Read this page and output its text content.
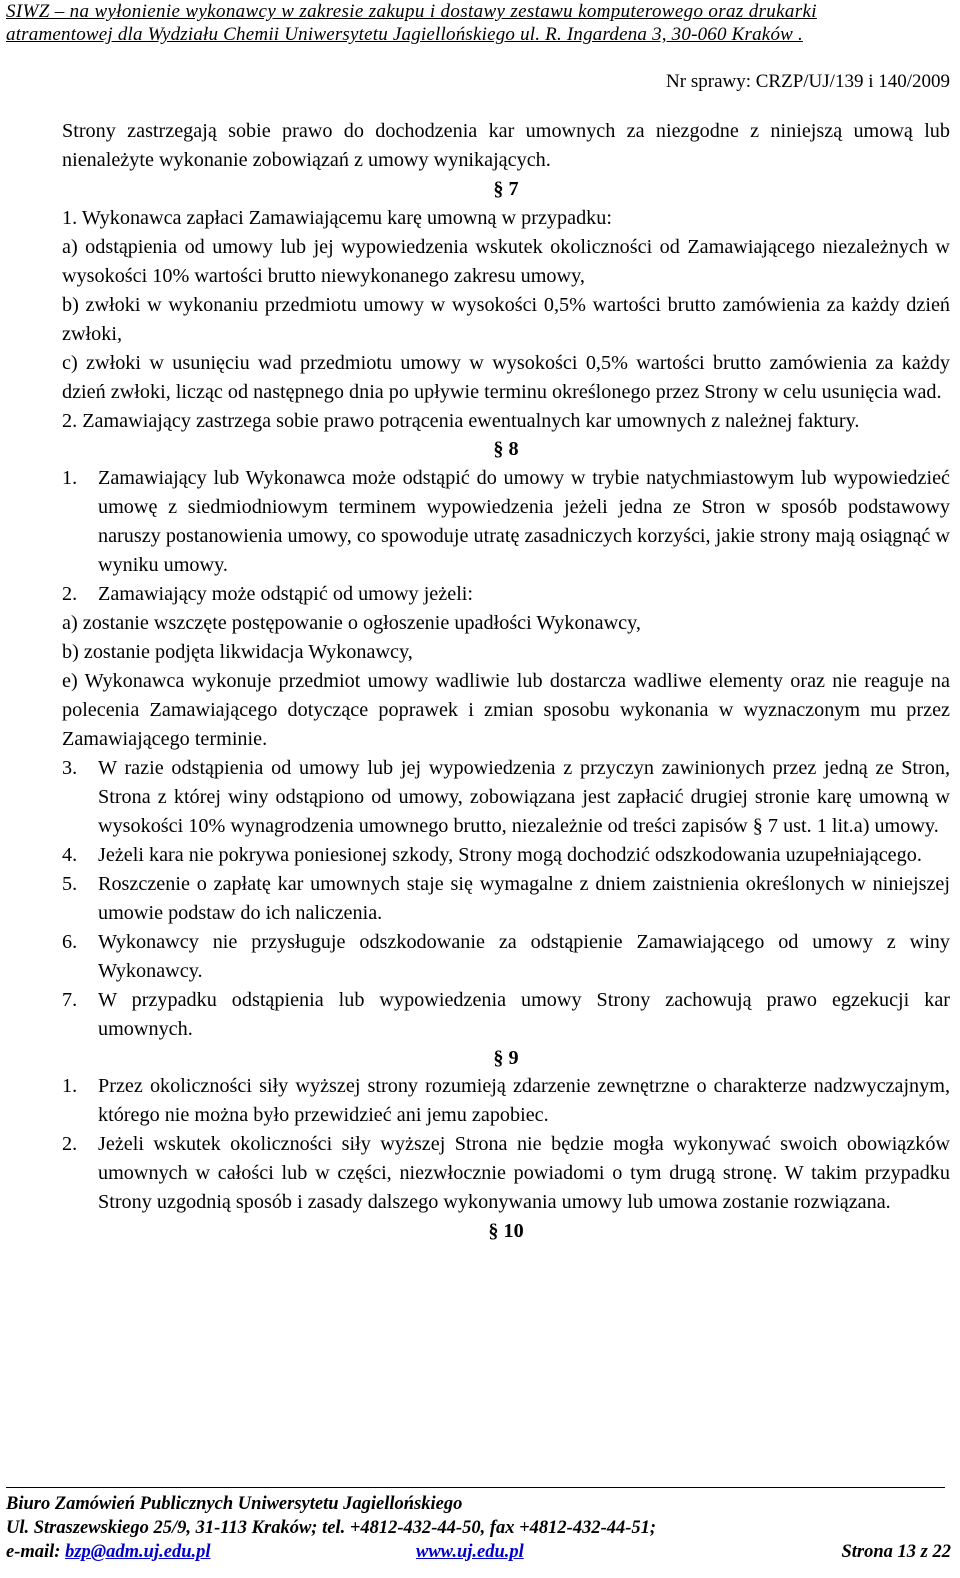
SIWZ – na wyłonienie wykonawcy w zakresie zakupu i dostawy zestawu komputerowego oraz drukarki
atramentowej dla Wydziału Chemii Uniwersytetu Jagiellońskiego ul. R. Ingardena 3, 30-060 Kraków .
Nr sprawy: CRZP/UJ/139 i 140/2009

Strony zastrzegają sobie prawo do dochodzenia kar umownych za niezgodne z niniejszą umową lub nienależyte wykonanie zobowiązań z umowy wynikających.

§ 7

1. Wykonawca zapłaci Zamawiającemu karę umowną w przypadku:

a) odstąpienia od umowy lub jej wypowiedzenia wskutek okoliczności od Zamawiającego niezależnych w wysokości 10% wartości brutto niewykonanego zakresu umowy,

b) zwłoki w wykonaniu przedmiotu umowy w wysokości 0,5% wartości brutto zamówienia za każdy dzień zwłoki,

c) zwłoki w usunięciu wad przedmiotu umowy w wysokości 0,5% wartości brutto zamówienia za każdy dzień zwłoki, licząc od następnego dnia po upływie terminu określonego przez Strony w celu usunięcia wad.

2. Zamawiający zastrzega sobie prawo potrącenia ewentualnych kar umownych z należnej faktury.

§ 8

1. Zamawiający lub Wykonawca może odstąpić do umowy w trybie natychmiastowym lub wypowiedzieć umowę z siedmiodniowym terminem wypowiedzenia jeżeli jedna ze Stron w sposób podstawowy naruszy postanowienia umowy, co spowoduje utratę zasadniczych korzyści, jakie strony mają osiągnąć w wyniku umowy.
2. Zamawiający może odstąpić od umowy jeżeli:

a) zostanie wszczęte postępowanie o ogłoszenie upadłości Wykonawcy,

b) zostanie podjęta likwidacja Wykonawcy,

e) Wykonawca wykonuje przedmiot umowy wadliwie lub dostarcza wadliwe elementy oraz nie reaguje na polecenia Zamawiającego dotyczące poprawek i zmian sposobu wykonania w wyznaczonym mu przez Zamawiającego terminie.

3. W razie odstąpienia od umowy lub jej wypowiedzenia z przyczyn zawinionych przez jedną ze Stron, Strona z której winy odstąpiono od umowy, zobowiązana jest zapłacić drugiej stronie karę umowną w wysokości 10% wynagrodzenia umownego brutto, niezależnie od treści zapisów § 7 ust. 1 lit.a) umowy.
4. Jeżeli kara nie pokrywa poniesionej szkody, Strony mogą dochodzić odszkodowania uzupełniającego.
5. Roszczenie o zapłatę kar umownych staje się wymagalne z dniem zaistnienia określonych w niniejszej umowie podstaw do ich naliczenia.
6. Wykonawcy nie przysługuje odszkodowanie za odstąpienie Zamawiającego od umowy z winy Wykonawcy.
7. W przypadku odstąpienia lub wypowiedzenia umowy Strony zachowują prawo egzekucji kar umownych.

§ 9

1. Przez okoliczności siły wyższej strony rozumieją zdarzenie zewnętrzne o charakterze nadzwyczajnym, którego nie można było przewidzieć ani jemu zapobiec.
2. Jeżeli wskutek okoliczności siły wyższej Strona nie będzie mogła wykonywać swoich obowiązków umownych w całości lub w części, niezwłocznie powiadomi o tym drugą stronę. W takim przypadku Strony uzgodnią sposób i zasady dalszego wykonywania umowy lub umowa zostanie rozwiązana.

§ 10

Biuro Zamówień Publicznych Uniwersytetu Jagiellońskiego
Ul. Straszewskiego 25/9, 31-113 Kraków; tel. +4812-432-44-50, fax +4812-432-44-51;
e-mail: bzp@adm.uj.edu.pl	www.uj.edu.pl	Strona 13 z 22
